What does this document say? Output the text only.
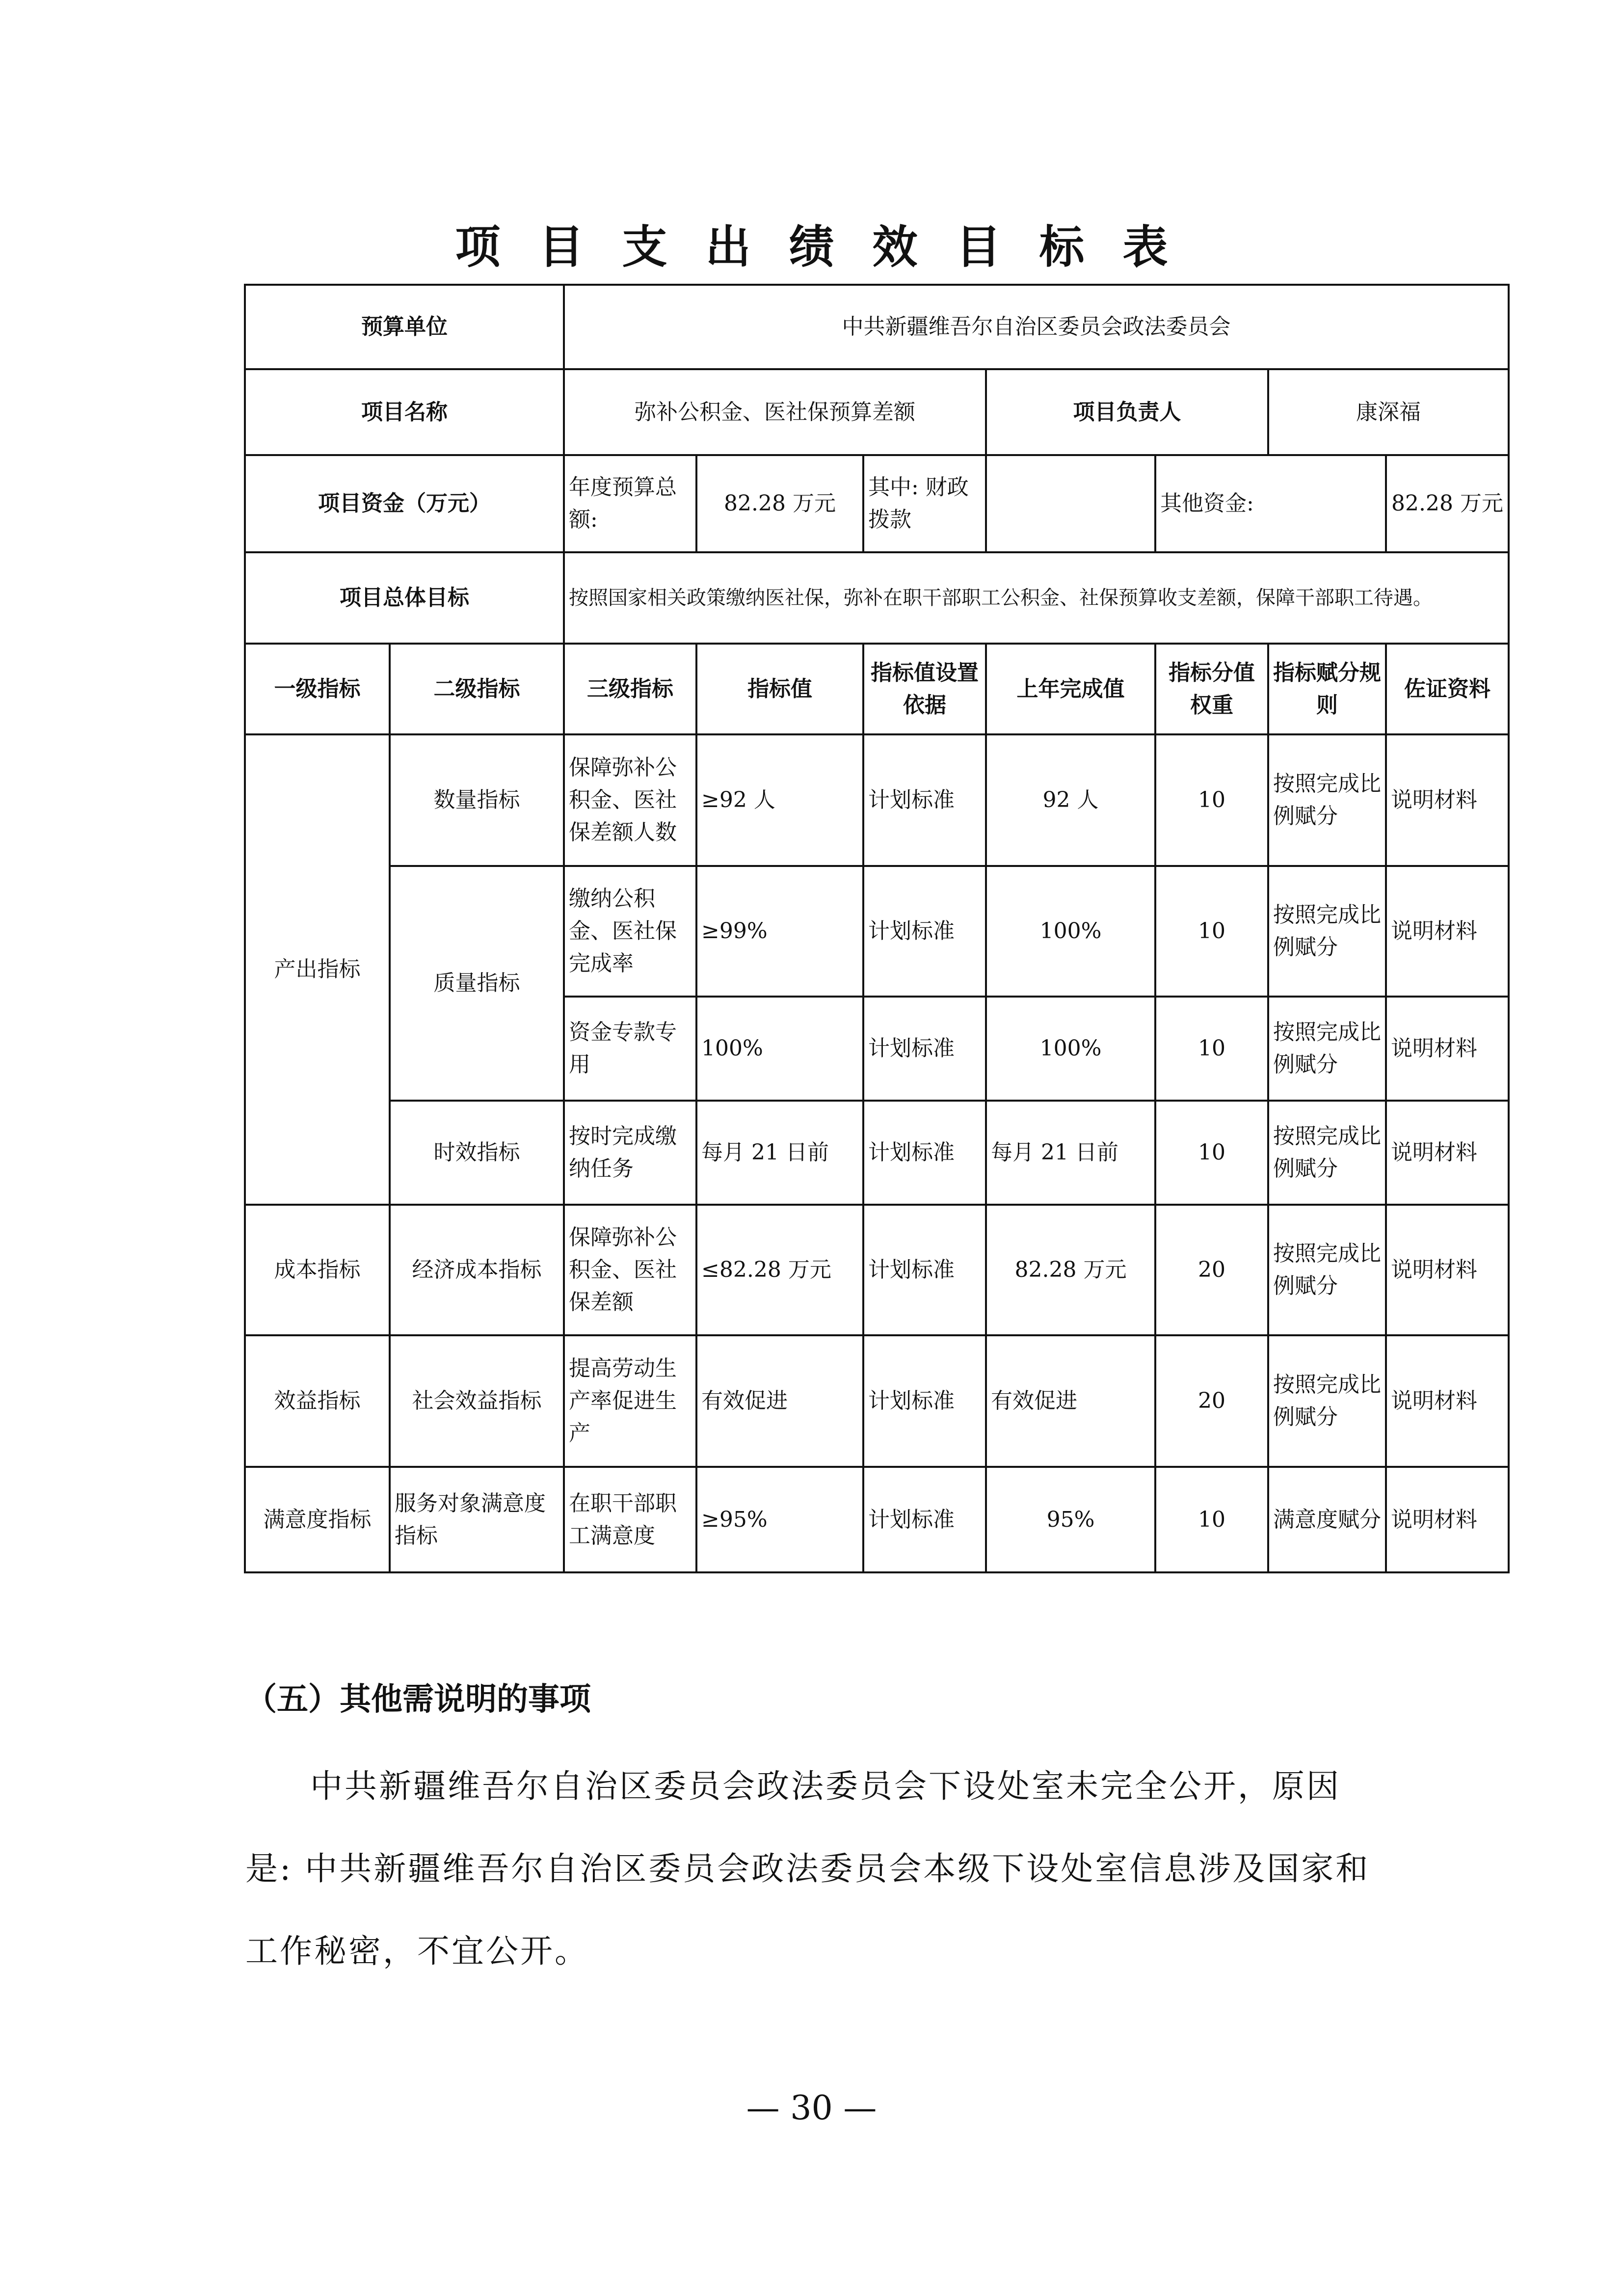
项目支出绩效目标表
预算单位		中共新疆维吾尔自治区委员会政法委员会						
项目名称		弥补公积金、医社保预算差额			项目负责人		康深福	
项目资金（万元）		年度预算总额:	82.28 万元	其中: 财政拨款		其他资金:		82.28 万元
项目总体目标		按照国家相关政策缴纳医社保，弥补在职干部职工公积金、社保预算收支差额，保障干部职工待遇。						
一级指标	二级指标	三级指标	指标值	指标值设置依据	上年完成值	指标分值权重	指标赋分规则	佐证资料
产出指标	数量指标	保障弥补公积金、医社保差额人数	≥92 人	计划标准	92 人	10	按照完成比例赋分	说明材料
	质量指标	缴纳公积金、医社保完成率	≥99%	计划标准	100%	10	按照完成比例赋分	说明材料
		资金专款专用	100%	计划标准	100%	10	按照完成比例赋分	说明材料
	时效指标	按时完成缴纳任务	每月 21 日前	计划标准	每月 21 日前	10	按照完成比例赋分	说明材料
成本指标	经济成本指标	保障弥补公积金、医社保差额	≤82.28 万元	计划标准	82.28 万元	20	按照完成比例赋分	说明材料
效益指标	社会效益指标	提高劳动生产率促进生产	有效促进	计划标准	有效促进	20	按照完成比例赋分	说明材料
满意度指标	服务对象满意度指标	在职干部职工满意度	≥95%	计划标准	95%	10	满意度赋分	说明材料
（五）其他需说明的事项
中共新疆维吾尔自治区委员会政法委员会下设处室未完全公开，原因是: 中共新疆维吾尔自治区委员会政法委员会本级下设处室信息涉及国家和工作秘密，不宜公开。
— 30 —
